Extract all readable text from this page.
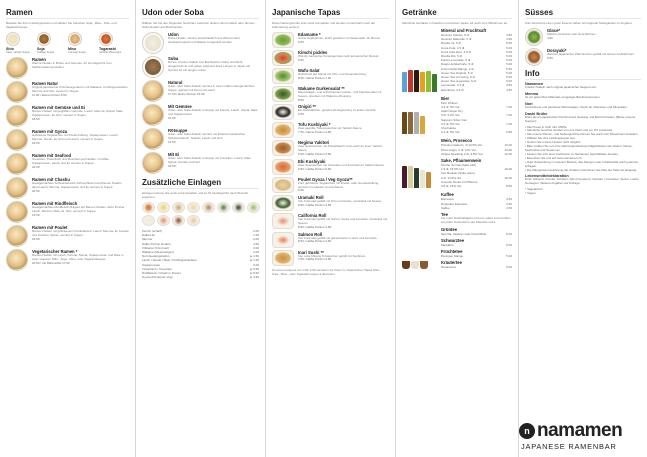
Ramen
Bestelle Sie Ihren Lieblingsramen und wählen Sie zwischen Soja-, Miso-, Shio- und Tagarashisuppe.
Shio
Klare, salzige Suppe
Soja
Kräftige Suppe
Miso
Cremige Suppe
Togarashi
Scharfe Misosuppe
Ramen
Warme Nudeln in Brühe und Gemüse, Ihr Grundgericht zum Selbstzusammenstellen.
Ramen Natur
Original japanischer Frischeiergeramen mit Wakame, Frühlingszwiebeln, Menma und Nori, serviert in Suppe.
11.50 / kleine Portion 8.50
Ramen mit Gemüse und Ei
Ramen Nudeln mit gegrilltem Gemüse, Lauch, Menma, Spinat, Mais, Sojasprossen, Ei, Nori, serviert in Suppe.
18.50
Ramen mit Gyoza
Gebratene Teigtaschen mit Poulet-Füllung, Sojasprossen, Lauch, Menma, Spinat, Ei, Nori und Lauch, serviert in Suppe.
19.50
Ramen mit Seafood
Crevetten, Tintenfisch und Muscheln auf Nudeln, mit Mais, Sojasprossen, Lauch und Ei, serviert in Suppe.
22.50
Ramen mit Chashu
Hausgemachtes Schweinebauch-Schmorfleisch auf Ramen Nudeln, dazu Lauch, Menma, Sojasprossen und Ei, serviert in Suppe.
20.50
Ramen mit Rindfleisch
Hausgemachtes Rindfleisch-Ragout auf Ramen Nudeln, dazu frischer Lauch, Menma, Mais, Ei, Nori, serviert in Suppe.
21.50
Ramen mit Poulet
Ramen Nudeln mit gebratenem Pouletfleisch, Lauch, Menma, Ei, Karotte und frischem Spinat, serviert in Suppe.
19.50
Vegetarischer Ramen *
Ramen Nudeln mit Lauch, Karotte, Spinat, Sojasprossen und Mais in einer veganen Shio-, Soja-, Miso- oder Togarashisuppe.
20.50 / mit Rahmtoffel 17.50
Udon oder Soba
Wählen Sie bei den folgenden Gerichten zwischen dicken Udon-Nudeln oder dünnen Soba-Nudeln aus Buchweizen.
Udon
Dicke Nudeln, weiche ausschließlich aus Weizenmehl, Hartweizengrieß und Wasser hergestellt werden.
Soba
Dünne, braune Nudeln aus Buchweizen-Soba und Mehl; ausgezeichnet und gelten aufgrund ihres Langen in Japan als Symbol für ein langes Leben.
Natural
Udon- oder Soba-Nudeln serviert in einer milden hausgemachten Suppe, garniert mit Nori und Lauch.
17.50 / kleine Portion 15.50
Mit Gemüse
Udon- oder Soba-Nudeln in Suppe mit Karotte, Lauch, Spinat, Mais und Sojasprossen.
21.50
Rötsuppe
Udon- oder Soba-Nudeln serviert mit frittierten asiatischen Schweinebauch, Nudeln, Lauch und Nori.
21.50
Mit Ei
Udon- oder Soba-Nudeln in Suppe mit Crevetten, Lauch, Mais, Spinat, Karotte und Nori.
22.50
Zusätzliche Einlagen
Einlagen können Sie auch extra bestellen und so Ihr Nudelgericht nach Wunsch ergänzen.
Kimchi (scharf)	2.00
Halbes Ei	1.60
Menma	2.00
Halbe Portion Nudeln	4.50
Frittierter Tofu (Inari)	3.00
Wakame (Meeresalgen)	2.00
Nori-Seetangstreifen	je 1.50
Lauch / Spinat / Mais / Frühlingszwiebeln	je 1.50
Sojasprossen	2.00
Tintenfisch / Crevetten	je 5.50
Rindfleisch / Chashu / Poulet	je 5.50
Gyoza (Pouletmix Veg)	je 4.50
Japanische Tapas
Diese Nebengerichte sind meist kompakter und werden vornehmlich nach der Zubereitung serviert.
Edamame *
Grüne Sojabohnen, leicht gesalzen mit Sesamsalz mit Zitrone.
6.50
Kimchi pickles
Würzig marinierter Koriangemüse nach koreanischer Rezept.
6.50
Wafu-Salat
Reifschnitt auf Spinat mit Tofu- und Sesamdressing.
9.50 / kleine Portion 7.50
Wakame Gurkensalat **
Meeresalgen- und erfrischender Gurken- und Karottensalat mit Sesam, dressiert mit Wakame-Dressing.
8.50
Onigiri **
Ein Reisbällchen, gesamt als Ergänzung zu jedem Gericht.
6.50
Tofu Kushiyaki *
Zwei gegrillte Tofuspiesschen an Yakitori-Sauce.
7.50 / kleine Portion 4.50
Negima Yakitori
Zwei Spiessschen mit Pouletfleisch und Lauch an einer Yakitori-Sauce.
9.50 / Halbe Portion 5.50
Ebi Kushiyaki
Zwei Spiessschen mit Crevetten und Zucchetti an Yakitori-Sauce.
9.50 / Halbe Portion 5.50
Poulet Gyoza / Veg Gyoza**
Fünf gebratene Teigtaschen mit Poulet- oder Gemüsefüllung, serviert mit pikanter Gyoza-Sauce.
9.50
Uramaki Roll
Vier Futomaki gefüllt mit Tofu und Gurke, umwickelt mit Sesam.
8.50 / Halbe Portion 4.50
California Roll
Vier Futomaki gefüllt mit Surimi, Gurke und Avocado, umwickelt mit Sesam.
8.50 / Halbe Portion 4.50
Salmon Roll
Vier Futomaki gefüllt mit geräuchertem Lachs und Avocado.
8.50 / Halbe Portion 4.50
Inari Sushi **
Vier süss frittierte Tofutaschen gefüllt mit Sushireis.
7.50 / Halbe Portion 3.50
Zu einem Aufpreis von CHF 2.00 servieren wir Ihnen zu Japanischen Tapas Shio-, Soja-, Miso-, oder Togarashi-suppe à discretion.
Getränke
Sämtliche Getränke in Flaschen und Dosen bieten wir auch zum Mitnehmen an.
Mineral und Fruchtsaft
Henniez Classic, 5 dl	4.50
Henniez Naturelle, 5 dl	4.50
Rivella rot, 5 dl	5.00
Coca-Cola, 4.5 dl	5.00
Coca Cola Zero, 4.5 dl	5.00
Rivella Rot, 5 dl	5.00
Fanta Lemonade, 5 dl	5.00
Dapps Apfelschorle, 5 dl	5.00
Kuzuri Apfel-Mango, 3 dl	5.50
Green Tea Original, 5 dl	5.00
Green Tea mit Honig, 5 dl	5.00
Green Tea ungesüsst, 5 dl	5.00
Lemonade, 3.3 dl	4.50
Eisenbräu, 3.3 dl	4.50
Bier
Kirin Ichiban
3.3 dl, 5% Vol.	7.00
Asahi Super Dry
3 dl, 5.2% Vol.	7.00
Sapporo Silver Can
3.5 dl, 5% Vol.	7.00
Cheznaiste
3.3 dl, 5% Vol.	6.50
Wein, Prosecco
Primitivo Salento, dl 13.5% Vol.	10.00
Pinot Grigio, 2 dl, 11% Vol.	13.00
Chiara Sparkling 2 dl, 9.5% Vol.	12.00
Sake, Pflaumenwein
Kinsho Junmai (Sake kalt)
1.5 dl, 15.5% Vol.	16.00
Ken Benkan (Sake warm)
2 dl, 14.5% Vol.	16.00
Umeshu Denbi mit Pflaume
0.8 dl, 15% Vol.	8.50
Kaffee
Espresso	4.50
Doppelter Espresso	6.50
Kaffee	4.50
Tee
Für mehr Nachhaltigkeit und uns vollen Aroma füllen wir jeden Teebeutel in der Filtertüte extra.
Grüntee
Sencha, Japaner oder Kirschblüte	5.00
Schwarztee
Mandarin	5.00
Früchtetee
Dreingen Mango	5.00
Kräutertee
Nanaminze	5.00
Süsses
Zum Abschluss einer guten Essens haben wir folgende Süssigkeiten im Angebot.
Glace*
Matcha (Grüntee) oder Rote Bohnen
4.00
Dorayaki*
Weicher japanischer Pfannkuchen gefüllt mit süsser Azukibohnen.
6.50
Info
Namamen
Frische Nudeln nach original japanischer Sapporo Art.
Menma
Ist ein gekochtes Marinade eingelegte Bambussprossen.
Nori
Getrocknete und geröstete Meeresalgen. Reich an Vitaminen und Mineralien.
Dashi Brühe
Dient als ein japanischer Fischsud aus Seetang und Bonito-Flocken (Beste unserer Suppen).
• Alle Preise in CHF inkl. MWSt.
• Sämtliche Gerichte werden von uns frisch und vor Ort zubereitet.
• Alle unsere Ramen- und Nebengerichte können Sie auch zum Mitnehmen bestellen.
• Wählen Sie Ihre Lieblingssuppe aus.
• Nutzen Sie unsere Nudeln nicht möglich.
• Bitte melden Sie uns Ihre Nahrungsmittelunverträglichkeiten wie Gluten, Nüsse, Seefrüchte und Sesam an.
• Lassen Sie sich beim Fachmann zu Namamen Spezialitäten beraten.
• Besuchen Sie uns auf www.namamen.ch.
• Oder Zubereitung in unserem Betrieb, das Allergen oder Inhaltsstoffe auch jederzeit erfragen.
• Die Allergenkennzeichnung der Zutaten entnehmen Sie bitte der Tafel am Eingang.
Lebensmitteldeklaration
Rind: Schweiz / Poulet: Schweiz / Ebi (Crevetten): Vietnam / Crevetten, Surimi, Lachs: Norwegen. Weitere Angaben auf Anfrage.
* Vegetarisch
* Vegan
n namamen
JAPANESE RAMENBAR
